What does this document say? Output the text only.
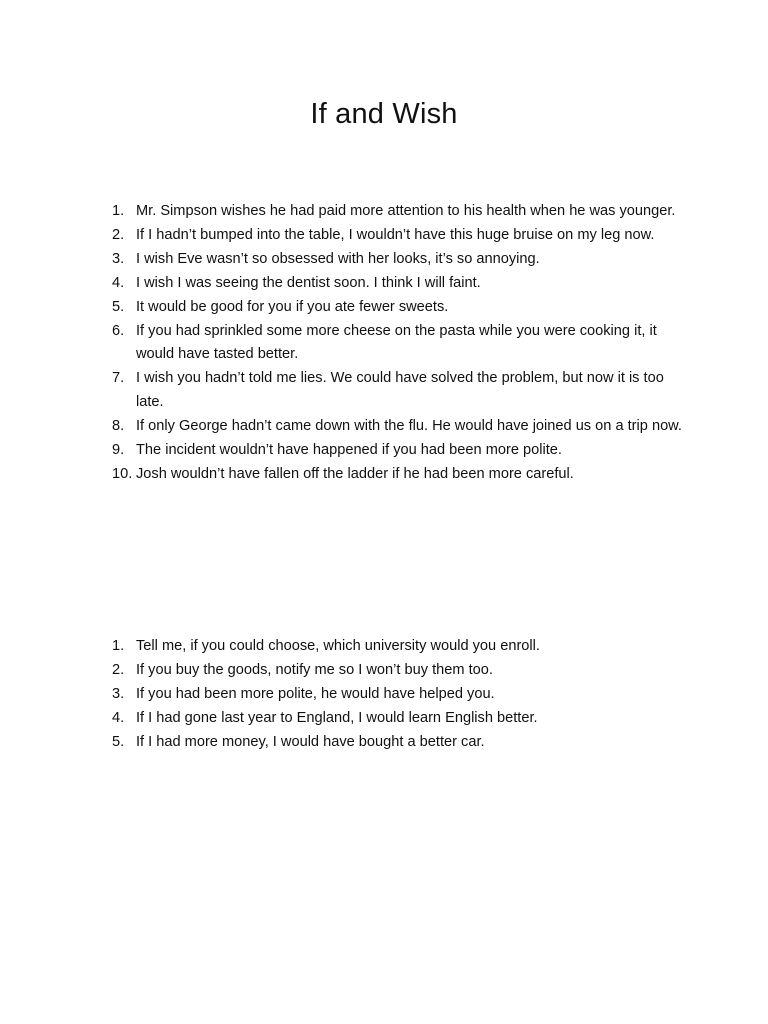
If and Wish
1. Mr. Simpson wishes he had paid more attention to his health when he was younger.
2. If I hadn’t bumped into the table, I wouldn’t have this huge bruise on my leg now.
3. I wish Eve wasn’t so obsessed with her looks, it’s so annoying.
4. I wish I was seeing the dentist soon. I think I will faint.
5. It would be good for you if you ate fewer sweets.
6. If you had sprinkled some more cheese on the pasta while you were cooking it, it would have tasted better.
7. I wish you hadn’t told me lies. We could have solved the problem, but now it is too late.
8. If only George hadn’t came down with the flu. He would have joined us on a trip now.
9. The incident wouldn’t have happened if you had been more polite.
10. Josh wouldn’t have fallen off the ladder if he had been more careful.
1. Tell me, if you could choose, which university would you enroll.
2. If you buy the goods, notify me so I won’t buy them too.
3. If you had been more polite, he would have helped you.
4. If I had gone last year to England, I would learn English better.
5. If I had more money, I would have bought a better car.
